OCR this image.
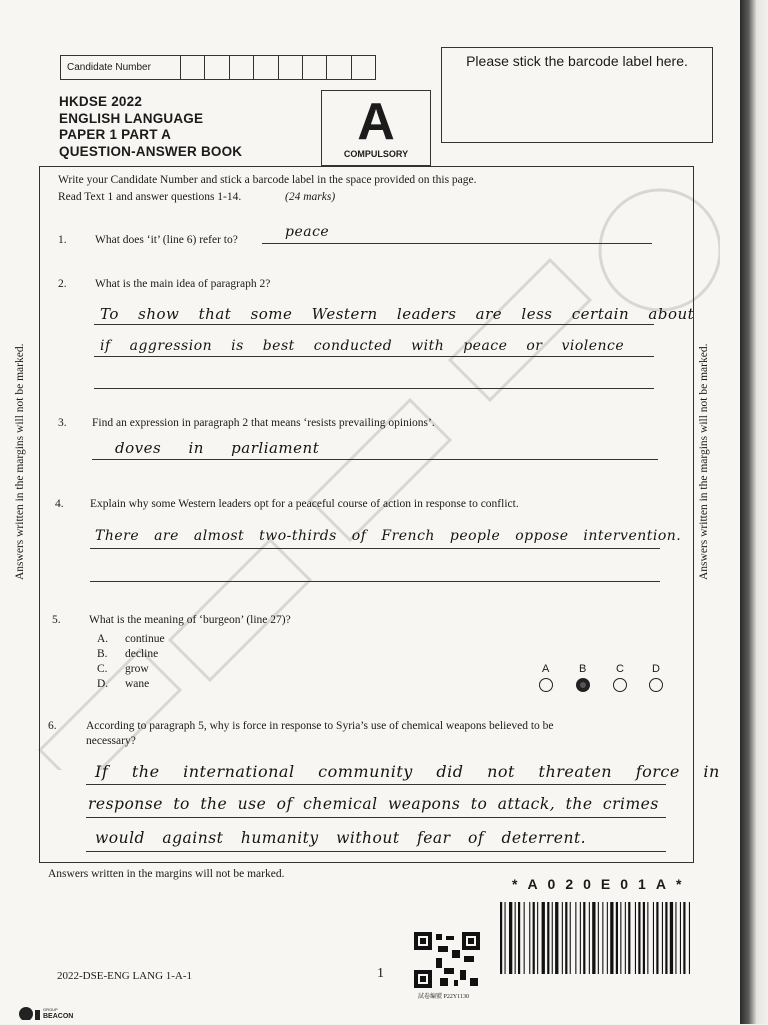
Candidate Number	Please stick the barcode label here.
HKDSE 2022
ENGLISH LANGUAGE
PAPER 1 PART A
QUESTION-ANSWER BOOK	A
COMPULSORY
Write your Candidate Number and stick a barcode label in the space provided on this page.
Read Text 1 and answer questions 1-14.	(24 marks)
1. What does ‘it’ (line 6) refer to?	peace
2. What is the main idea of paragraph 2?
To show that some Western leaders are less certain about
if aggression is best conducted with peace or violence
3. Find an expression in paragraph 2 that means ‘resists prevailing opinions’.
doves in parliament
4. Explain why some Western leaders opt for a peaceful course of action in response to conflict.
There are almost two-thirds of French people oppose intervention.
5. What is the meaning of ‘burgeon’ (line 27)?
A. continue
B. decline
C. grow
D. wane
A	B	C	D
6.	According to paragraph 5, why is force in response to Syria’s use of chemical weapons believed to be
necessary?
If the international community did not threaten force in
response to the use of chemical weapons to attack, the crimes
would against humanity without fear of deterrent.
Answers written in the margins will not be marked.	Answers written in the margins will not be marked.
Answers written in the margins will not be marked.
*A020E01A*
試卷編號 P22Y1130
2022-DSE-ENG LANG 1-A-1	1
GROUP
BEACON
